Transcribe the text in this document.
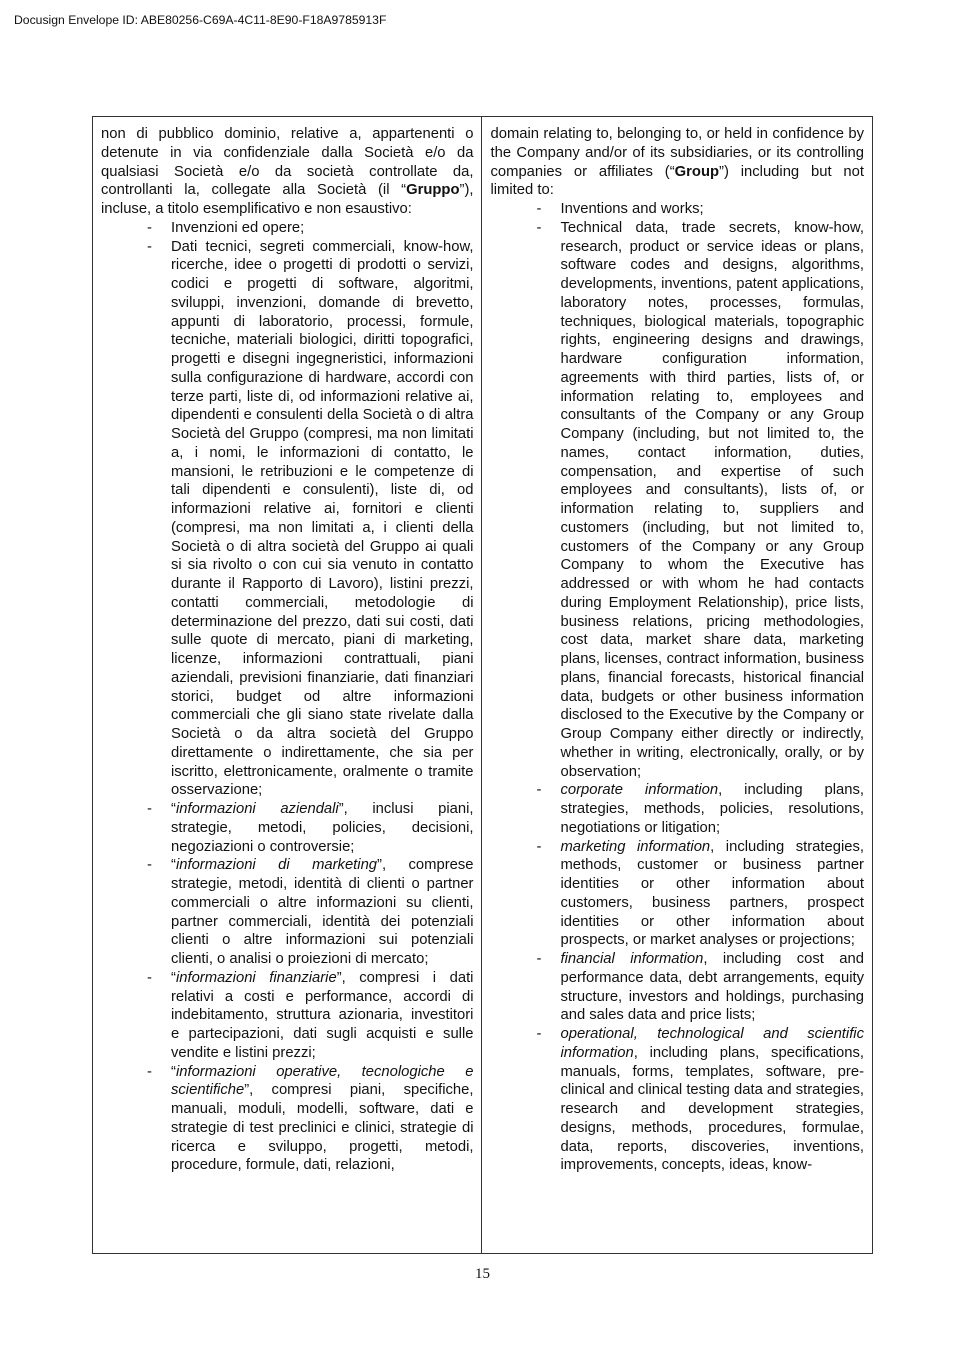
Docusign Envelope ID: ABE80256-C69A-4C11-8E90-F18A9785913F

non di pubblico dominio, relative a, appartenenti o detenute in via confidenziale dalla Società e/o da qualsiasi Società e/o da società controllate da, controllanti la, collegate alla Società (il “Gruppo”), incluse, a titolo esemplificativo e non esaustivo:

- Invenzioni ed opere;
- Dati tecnici, segreti commerciali, know-how, ricerche, idee o progetti di prodotti o servizi, codici e progetti di software, algoritmi, sviluppi, invenzioni, domande di brevetto, appunti di laboratorio, processi, formule, tecniche, materiali biologici, diritti topografici, progetti e disegni ingegneristici, informazioni sulla configurazione di hardware, accordi con terze parti, liste di, od informazioni relative ai, dipendenti e consulenti della Società o di altra Società del Gruppo (compresi, ma non limitati a, i nomi, le informazioni di contatto, le mansioni, le retribuzioni e le competenze di tali dipendenti e consulenti), liste di, od informazioni relative ai, fornitori e clienti (compresi, ma non limitati a, i clienti della Società o di altra società del Gruppo ai quali si sia rivolto o con cui sia venuto in contatto durante il Rapporto di Lavoro), listini prezzi, contatti commerciali, metodologie di determinazione del prezzo, dati sui costi, dati sulle quote di mercato, piani di marketing, licenze, informazioni contrattuali, piani aziendali, previsioni finanziarie, dati finanziari storici, budget od altre informazioni commerciali che gli siano state rivelate dalla Società o da altra società del Gruppo direttamente o indirettamente, che sia per iscritto, elettronicamente, oralmente o tramite osservazione;
- “informazioni aziendali”, inclusi piani, strategie, metodi, policies, decisioni, negoziazioni o controversie;
- “informazioni di marketing”, comprese strategie, metodi, identità di clienti o partner commerciali o altre informazioni su clienti, partner commerciali, identità dei potenziali clienti o altre informazioni sui potenziali clienti, o analisi o proiezioni di mercato;
- “informazioni finanziarie”, compresi i dati relativi a costi e performance, accordi di indebitamento, struttura azionaria, investitori e partecipazioni, dati sugli acquisti e sulle vendite e listini prezzi;
- “informazioni operative, tecnologiche e scientifiche”, compresi piani, specifiche, manuali, moduli, modelli, software, dati e strategie di test preclinici e clinici, strategie di ricerca e sviluppo, progetti, metodi, procedure, formule, dati, relazioni,

domain relating to, belonging to, or held in confidence by the Company and/or of its subsidiaries, or its controlling companies or affiliates (“Group”) including but not limited to:

- Inventions and works;
- Technical data, trade secrets, know-how, research, product or service ideas or plans, software codes and designs, algorithms, developments, inventions, patent applications, laboratory notes, processes, formulas, techniques, biological materials, topographic rights, engineering designs and drawings, hardware configuration information, agreements with third parties, lists of, or information relating to, employees and consultants of the Company or any Group Company (including, but not limited to, the names, contact information, duties, compensation, and expertise of such employees and consultants), lists of, or information relating to, suppliers and customers (including, but not limited to, customers of the Company or any Group Company to whom the Executive has addressed or with whom he had contacts during Employment Relationship), price lists, business relations, pricing methodologies, cost data, market share data, marketing plans, licenses, contract information, business plans, financial forecasts, historical financial data, budgets or other business information disclosed to the Executive by the Company or Group Company either directly or indirectly, whether in writing, electronically, orally, or by observation;
- corporate information, including plans, strategies, methods, policies, resolutions, negotiations or litigation;
- marketing information, including strategies, methods, customer or business partner identities or other information about customers, business partners, prospect identities or other information about prospects, or market analyses or projections;
- financial information, including cost and performance data, debt arrangements, equity structure, investors and holdings, purchasing and sales data and price lists;
- operational, technological and scientific information, including plans, specifications, manuals, forms, templates, software, pre-clinical and clinical testing data and strategies, research and development strategies, designs, methods, procedures, formulae, data, reports, discoveries, inventions, improvements, concepts, ideas, know-
15
